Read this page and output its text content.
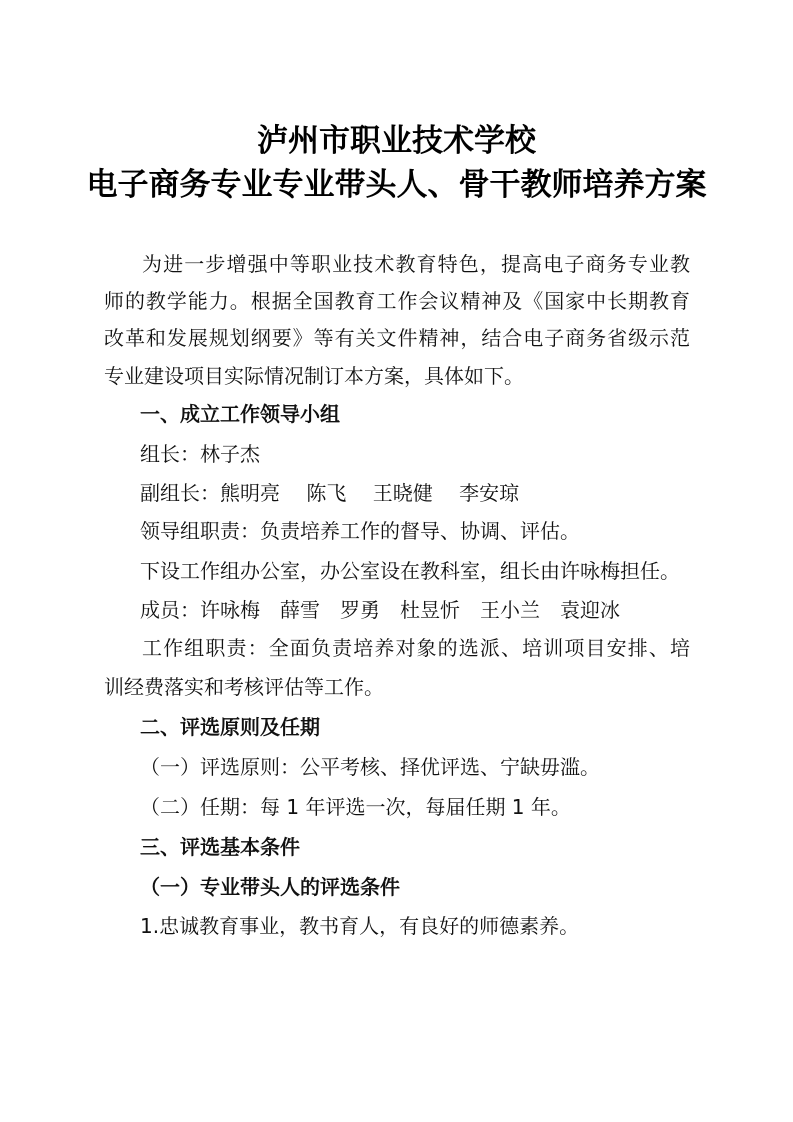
泸州市职业技术学校
电子商务专业专业带头人、骨干教师培养方案
为进一步增强中等职业技术教育特色，提高电子商务专业教
师的教学能力。根据全国教育工作会议精神及《国家中长期教育
改革和发展规划纲要》等有关文件精神，结合电子商务省级示范
专业建设项目实际情况制订本方案，具体如下。
一、成立工作领导小组
组长：林子杰
副组长：熊明亮　 陈飞 　王晓健 　李安琼
领导组职责：负责培养工作的督导、协调、评估。
下设工作组办公室，办公室设在教科室，组长由许咏梅担任。
成员：许咏梅　薛雪　罗勇　杜昱忻　王小兰　袁迎冰
工作组职责：全面负责培养对象的选派、培训项目安排、培
训经费落实和考核评估等工作。
二、评选原则及任期
（一）评选原则：公平考核、择优评选、宁缺毋滥。
（二）任期：每 1 年评选一次，每届任期 1 年。
三、评选基本条件
（一）专业带头人的评选条件
1.忠诚教育事业，教书育人，有良好的师德素养。
